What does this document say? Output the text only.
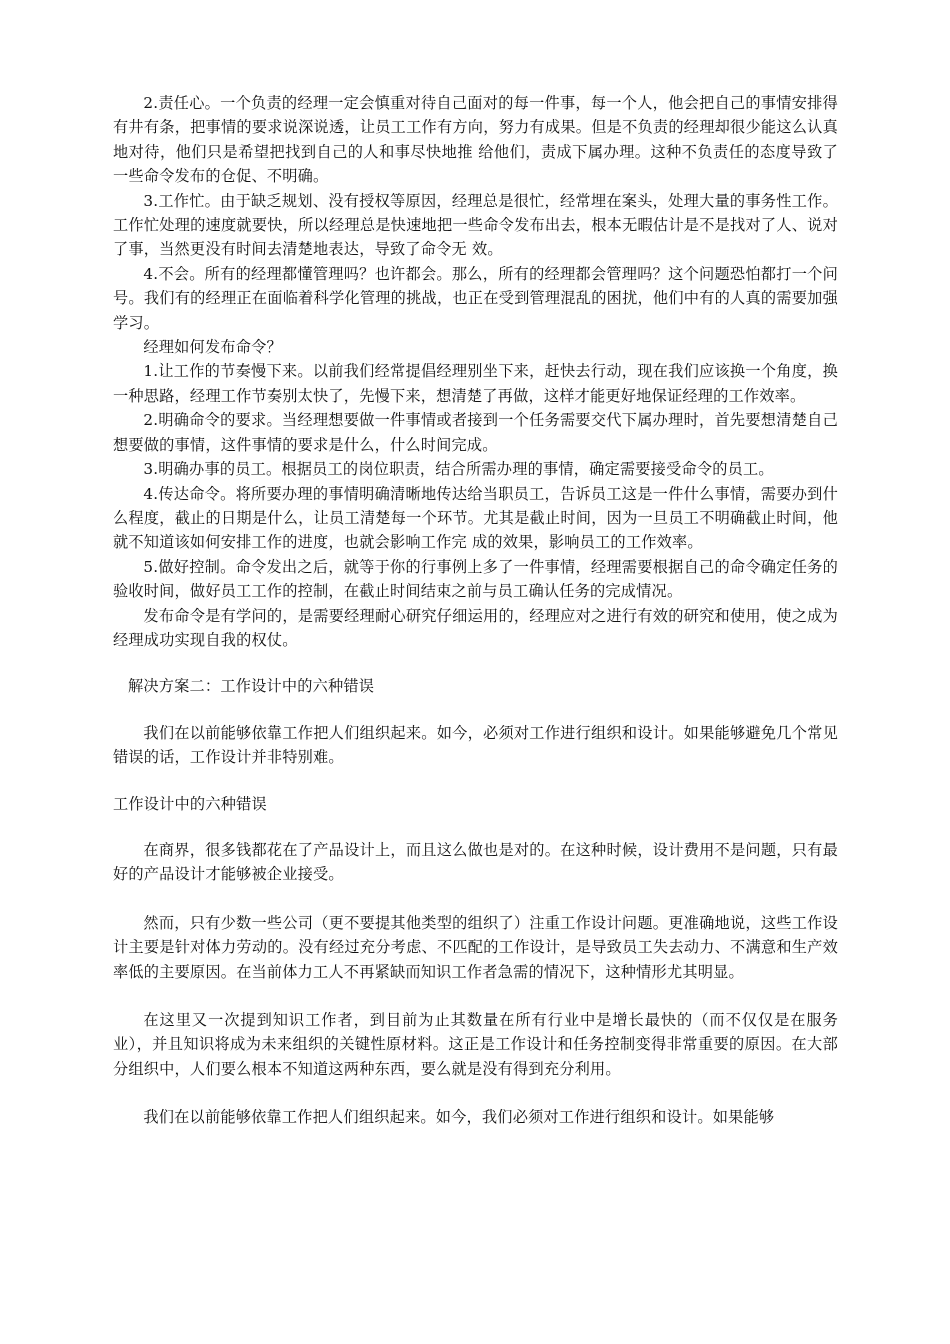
2.责任心。一个负责的经理一定会慎重对待自己面对的每一件事，每一个人，他会把自己的事情安排得有井有条，把事情的要求说深说透，让员工工作有方向，努力有成果。但是不负责的经理却很少能这么认真地对待，他们只是希望把找到自己的人和事尽快地推 给他们，责成下属办理。这种不负责任的态度导致了一些命令发布的仓促、不明确。

3.工作忙。由于缺乏规划、没有授权等原因，经理总是很忙，经常埋在案头，处理大量的事务性工作。工作忙处理的速度就要快，所以经理总是快速地把一些命令发布出去，根本无暇估计是不是找对了人、说对了事，当然更没有时间去清楚地表达，导致了命令无 效。

4.不会。所有的经理都懂管理吗？也许都会。那么，所有的经理都会管理吗？这个问题恐怕都打一个问号。我们有的经理正在面临着科学化管理的挑战，也正在受到管理混乱的困扰，他们中有的人真的需要加强学习。

经理如何发布命令？

1.让工作的节奏慢下来。以前我们经常提倡经理别坐下来，赶快去行动，现在我们应该换一个角度，换一种思路，经理工作节奏别太快了，先慢下来，想清楚了再做，这样才能更好地保证经理的工作效率。

2.明确命令的要求。当经理想要做一件事情或者接到一个任务需要交代下属办理时，首先要想清楚自己想要做的事情，这件事情的要求是什么，什么时间完成。

3.明确办事的员工。根据员工的岗位职责，结合所需办理的事情，确定需要接受命令的员工。

4.传达命令。将所要办理的事情明确清晰地传达给当职员工，告诉员工这是一件什么事情，需要办到什么程度，截止的日期是什么，让员工清楚每一个环节。尤其是截止时间，因为一旦员工不明确截止时间，他就不知道该如何安排工作的进度，也就会影响工作完 成的效果，影响员工的工作效率。

5.做好控制。命令发出之后，就等于你的行事例上多了一件事情，经理需要根据自己的命令确定任务的验收时间，做好员工工作的控制，在截止时间结束之前与员工确认任务的完成情况。

发布命令是有学问的，是需要经理耐心研究仔细运用的，经理应对之进行有效的研究和使用，使之成为经理成功实现自我的权仗。

解决方案二：工作设计中的六种错误

我们在以前能够依靠工作把人们组织起来。如今，必须对工作进行组织和设计。如果能够避免几个常见错误的话，工作设计并非特别难。

工作设计中的六种错误

在商界，很多钱都花在了产品设计上，而且这么做也是对的。在这种时候，设计费用不是问题，只有最好的产品设计才能够被企业接受。

然而，只有少数一些公司（更不要提其他类型的组织了）注重工作设计问题。更准确地说，这些工作设计主要是针对体力劳动的。没有经过充分考虑、不匹配的工作设计，是导致员工失去动力、不满意和生产效率低的主要原因。在当前体力工人不再紧缺而知识工作者急需的情况下，这种情形尤其明显。

在这里又一次提到知识工作者，到目前为止其数量在所有行业中是增长最快的（而不仅仅是在服务业），并且知识将成为未来组织的关键性原材料。这正是工作设计和任务控制变得非常重要的原因。在大部分组织中，人们要么根本不知道这两种东西，要么就是没有得到充分利用。

我们在以前能够依靠工作把人们组织起来。如今，我们必须对工作进行组织和设计。如果能够
